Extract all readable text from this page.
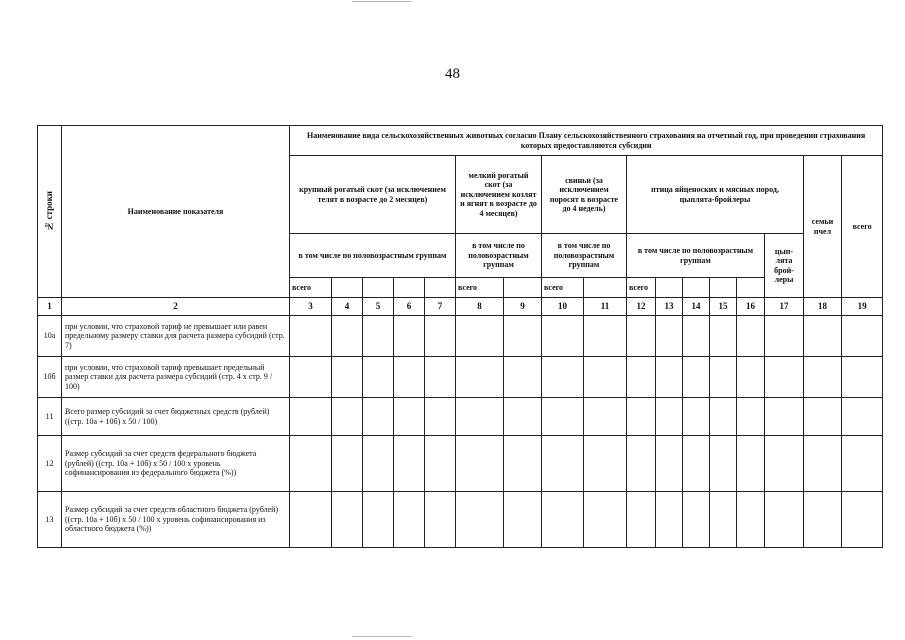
48
№ строки	Наименование показателя	Наименование вида сельскохозяйственных животных согласно Плану сельскохозяйственного страхования на отчетный год, при проведении страхования которых предоставляются субсидии																
		крупный рогатый скот (за исключением телят в возрасте до 2 месяцев)					мелкий рогатый скот (за исключением козлят и ягнят в возрасте до 4 месяцев)		свиньи (за исключением поросят в возрасте до 4 недель)		птица яйценоских и мясных пород, цыплята-бройлеры						семьи пчел	всего
		в том числе по половозрастным группам					в том числе по половозрастным группам		в том числе по половозрастным группам		в том числе по половозрастным группам					цып-лята брой-леры		
		всего					всего		всего		всего							
1	2	3	4	5	6	7	8	9	10	11	12	13	14	15	16	17	18	19
10а	при условии, что страховой тариф не превышает или равен предельному размеру ставки для расчета размера субсидий (стр. 7)																	
10б	при условии, что страховой тариф превышает предельный размер ставки для расчета размера субсидий (стр. 4 x стр. 9 / 100)																	
11	Всего размер субсидий за счет бюджетных средств (рублей) ((стр. 10а + 10б) x 50 / 100)																	
12	Размер субсидий за счет средств федерального бюджета (рублей) ((стр. 10а + 10б) x 50 / 100 x уровень софинансирования из федерального бюджета (%))																	
13	Размер субсидий за счет средств областного бюджета (рублей) ((стр. 10а + 10б) x 50 / 100 x уровень софинансирования из областного бюджета (%))																	
